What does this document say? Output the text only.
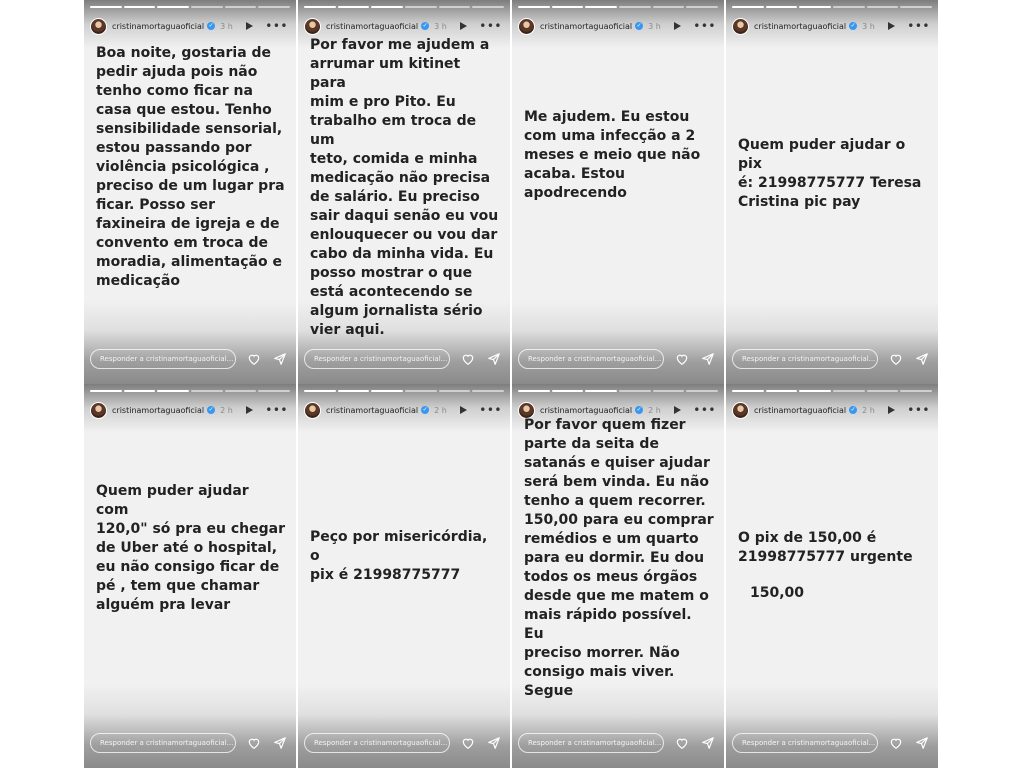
cristinamortaguaoficial ✓ 3 h	•••
Boa noite, gostaria de
pedir ajuda pois não
tenho como ficar na
casa que estou. Tenho
sensibilidade sensorial,
estou passando por
violência psicológica ,
preciso de um lugar pra
ficar. Posso ser
faxineira de igreja e de
convento em troca de
moradia, alimentação e
medicação
Responder a cristinamortaguaoficial...
cristinamortaguaoficial ✓ 3 h	•••
Por favor me ajudem a
arrumar um kitinet para
mim e pro Pito. Eu
trabalho em troca de um
teto, comida e minha
medicação não precisa
de salário. Eu preciso
sair daqui senão eu vou
enlouquecer ou vou dar
cabo da minha vida. Eu
posso mostrar o que
está acontecendo se
algum jornalista sério
vier aqui.
Responder a cristinamortaguaoficial...
cristinamortaguaoficial ✓ 3 h	•••
Me ajudem. Eu estou
com uma infecção a 2
meses e meio que não
acaba. Estou
apodrecendo
Responder a cristinamortaguaoficial...
cristinamortaguaoficial ✓ 3 h	•••
Quem puder ajudar o pix
é: 21998775777 Teresa
Cristina pic pay
Responder a cristinamortaguaoficial...
cristinamortaguaoficial ✓ 2 h	•••
Quem puder ajudar com
120,0" só pra eu chegar
de Uber até o hospital,
eu não consigo ficar de
pé , tem que chamar
alguém pra levar
Responder a cristinamortaguaoficial...
cristinamortaguaoficial ✓ 2 h	•••
Peço por misericórdia, o
pix é 21998775777
Responder a cristinamortaguaoficial...
cristinamortaguaoficial ✓ 2 h	•••
Por favor quem fizer
parte da seita de
satanás e quiser ajudar
será bem vinda. Eu não
tenho a quem recorrer.
150,00 para eu comprar
remédios e um quarto
para eu dormir. Eu dou
todos os meus órgãos
desde que me matem o
mais rápido possível. Eu
preciso morrer. Não
consigo mais viver.
Segue
Responder a cristinamortaguaoficial...
cristinamortaguaoficial ✓ 2 h	•••
O pix de 150,00 é
21998775777 urgente
150,00
Responder a cristinamortaguaoficial...
